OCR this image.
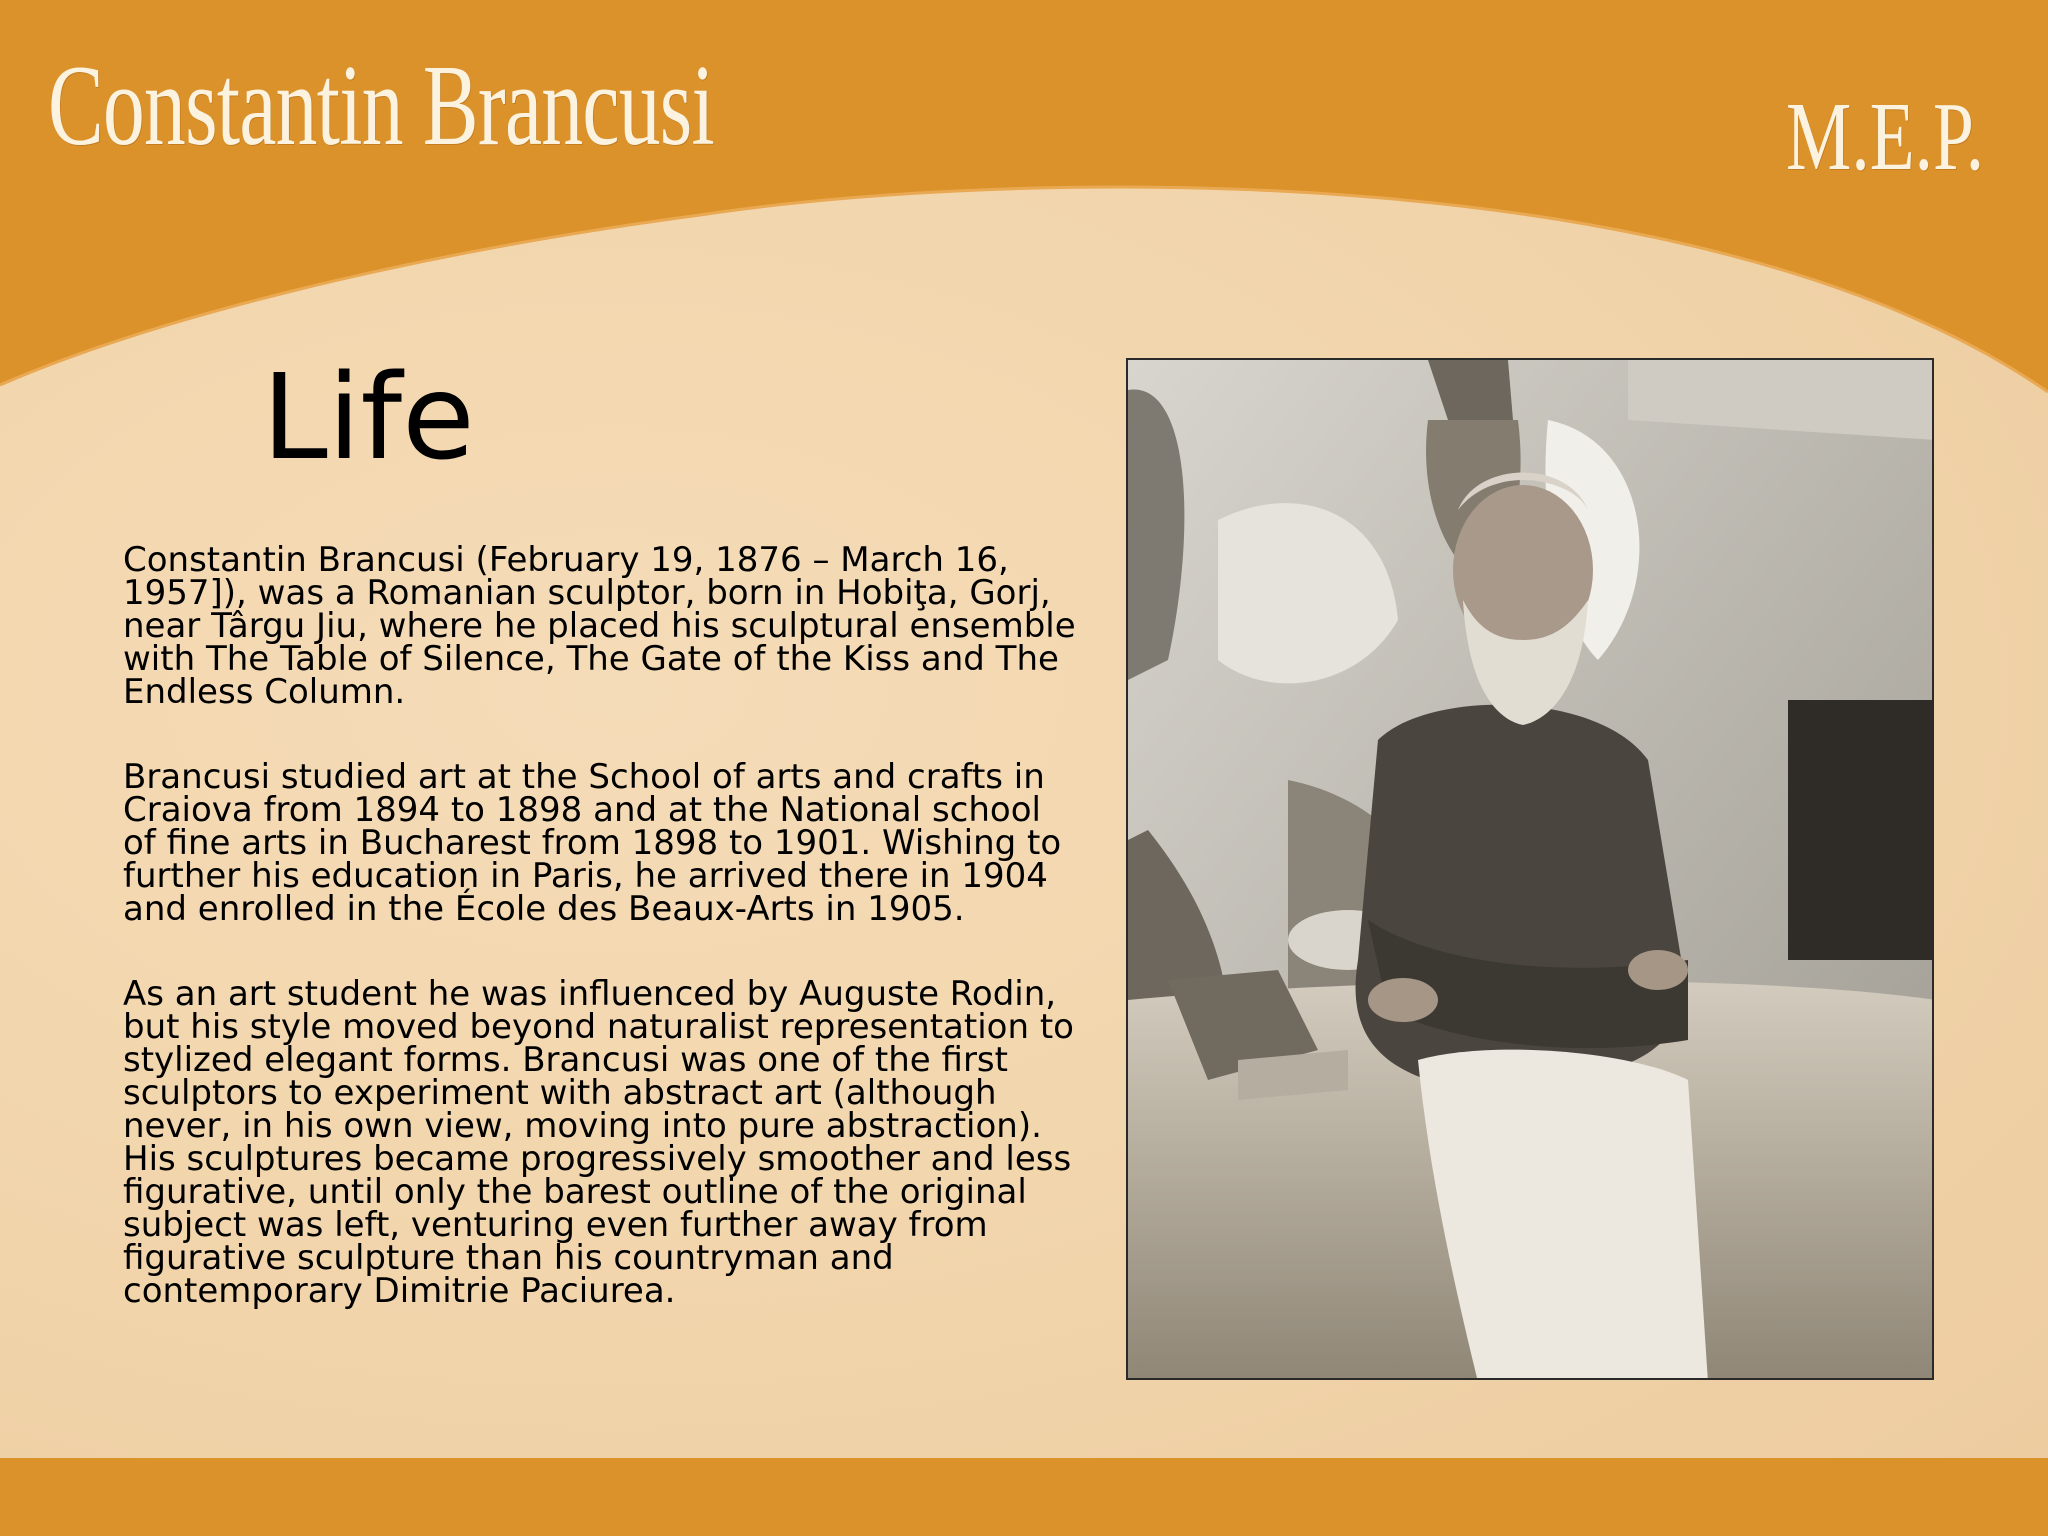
Constantin Brancusi	M.E.P.
Life

Constantin Brancusi (February 19, 1876 – March 16, 1957]), was a Romanian sculptor, born in Hobiţa, Gorj, near Târgu Jiu, where he placed his sculptural ensemble with The Table of Silence, The Gate of the Kiss and The Endless Column.

Brancusi studied art at the School of arts and crafts in Craiova from 1894 to 1898 and at the National school of fine arts in Bucharest from 1898 to 1901. Wishing to further his education in Paris, he arrived there in 1904 and enrolled in the École des Beaux-Arts in 1905.

As an art student he was influenced by Auguste Rodin, but his style moved beyond naturalist representation to stylized elegant forms. Brancusi was one of the first sculptors to experiment with abstract art (although never, in his own view, moving into pure abstraction). His sculptures became progressively smoother and less figurative, until only the barest outline of the original subject was left, venturing even further away from figurative sculpture than his countryman and contemporary Dimitrie Paciurea.
